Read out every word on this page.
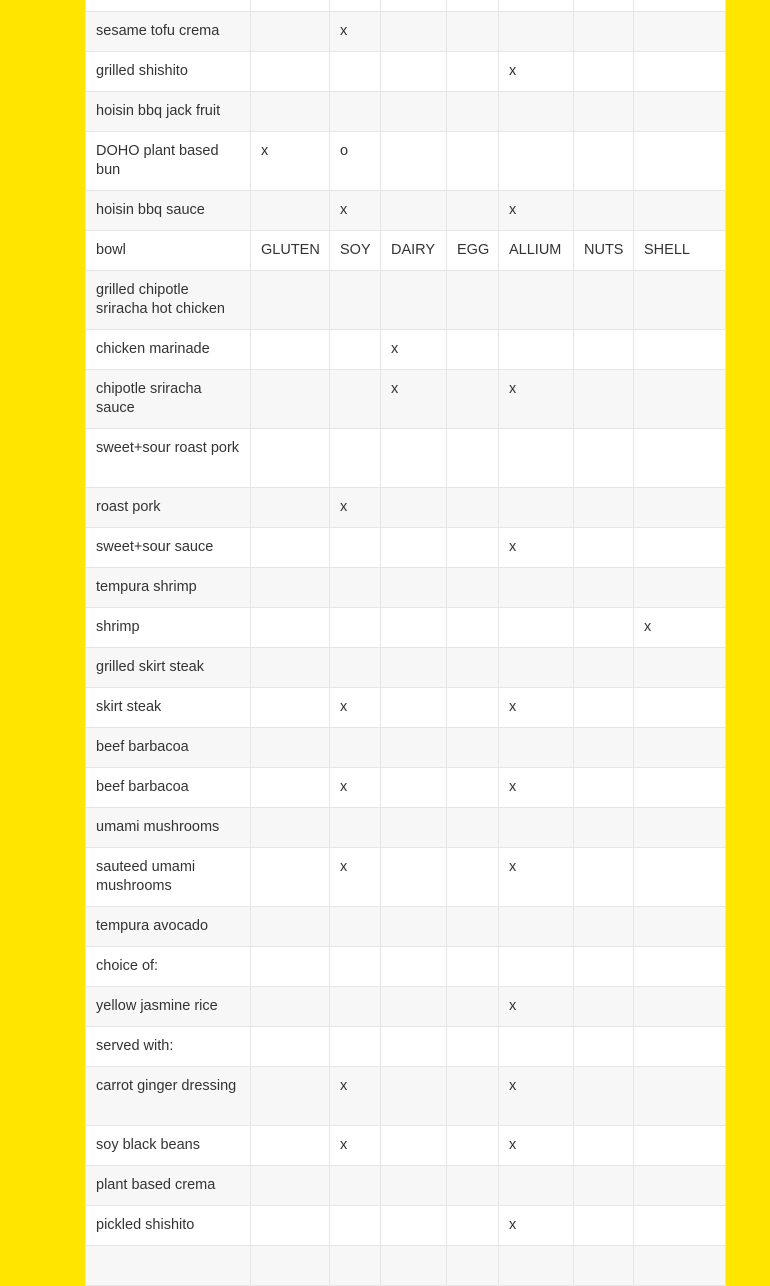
sesame tofu crema		x						
grilled shishito					x			
hoisin bbq jack fruit								
DOHO plant based bun	x	o						
hoisin bbq sauce		x			x			
bowl	GLUTEN	SOY	DAIRY	EGG	ALLIUM	NUTS	SHELL	
grilled chipotle sriracha hot chicken								
chicken marinade			x					
chipotle sriracha sauce			x		x			
sweet+sour roast pork								
roast pork		x						
sweet+sour sauce					x			
tempura shrimp								
shrimp							x	
grilled skirt steak								
skirt steak		x			x			
beef barbacoa								
beef barbacoa		x			x			
umami mushrooms								
sauteed umami mushrooms		x			x			
tempura avocado								
choice of:								
yellow jasmine rice					x			
served with:								
carrot ginger dressing		x			x			
soy black beans		x			x			
plant based crema								
pickled shishito					x			
